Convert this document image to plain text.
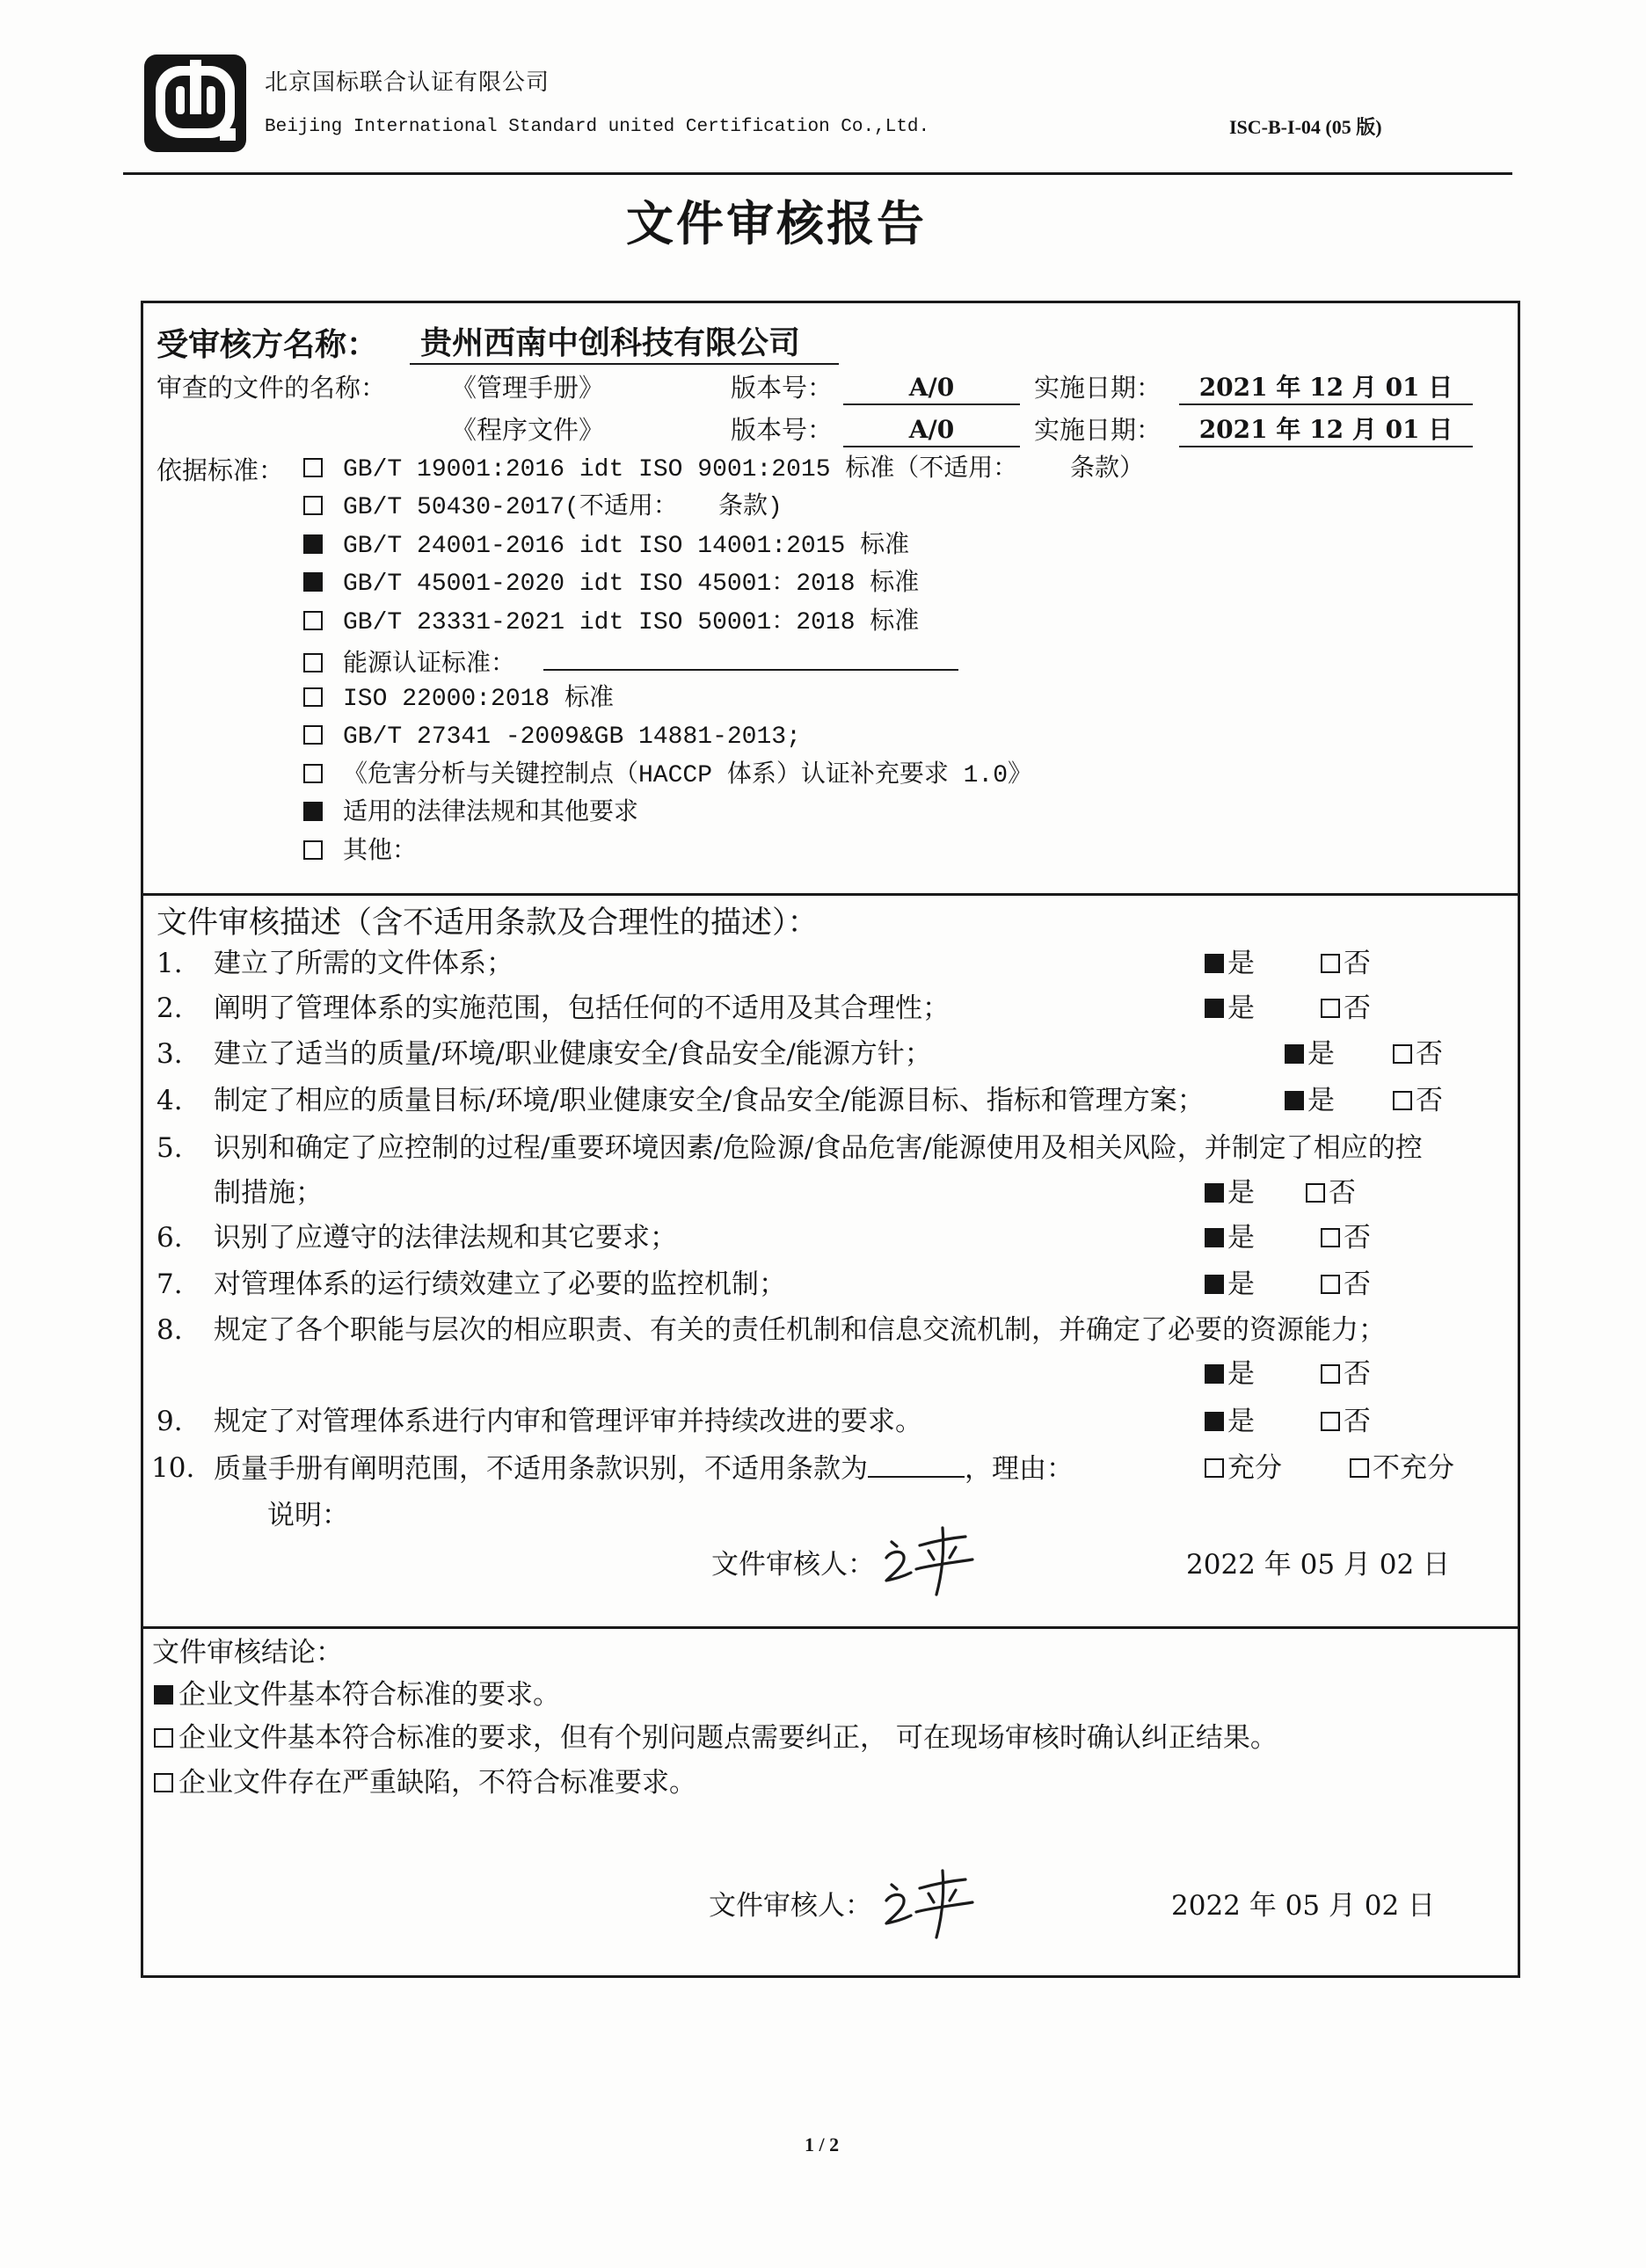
北京国标联合认证有限公司
Beijing International Standard united Certification Co.,Ltd.	ISC-B-I-04 (05 版)
文件审核报告
受审核方名称：	贵州西南中创科技有限公司
审查的文件的名称：	《管理手册》	版本号：	A/0	实施日期：	2021 年 12 月 01 日
《程序文件》	版本号：	A/0	实施日期：	2021 年 12 月 01 日
依据标准：	GB/T 19001:2016 idt ISO 9001:2015 标准（不适用： 条款）
GB/T 50430-2017(不适用： 条款)
GB/T 24001-2016 idt ISO 14001:2015 标准
GB/T 45001-2020 idt ISO 45001：2018 标准
GB/T 23331-2021 idt ISO 50001：2018 标准
能源认证标准：
ISO 22000:2018 标准
GB/T 27341 -2009&GB 14881-2013;
《危害分析与关键控制点（HACCP 体系）认证补充要求 1.0》
适用的法律法规和其他要求
其他：
文件审核描述（含不适用条款及合理性的描述）：
1. 建立了所需的文件体系；	是	否
2. 阐明了管理体系的实施范围，包括任何的不适用及其合理性；	是	否
3. 建立了适当的质量/环境/职业健康安全/食品安全/能源方针；	是	否
4. 制定了相应的质量目标/环境/职业健康安全/食品安全/能源目标、指标和管理方案；	是	否
5. 识别和确定了应控制的过程/重要环境因素/危险源/食品危害/能源使用及相关风险，并制定了相应的控
制措施；	是	否
6. 识别了应遵守的法律法规和其它要求；	是	否
7. 对管理体系的运行绩效建立了必要的监控机制；	是	否
8. 规定了各个职能与层次的相应职责、有关的责任机制和信息交流机制，并确定了必要的资源能力；
是	否
9. 规定了对管理体系进行内审和管理评审并持续改进的要求。	是	否
10. 质量手册有阐明范围，不适用条款识别，不适用条款为	，理由：	充分	不充分
说明：
文件审核人：	2022 年 05 月 02 日
文件审核结论：
企业文件基本符合标准的要求。
企业文件基本符合标准的要求，但有个别问题点需要纠正， 可在现场审核时确认纠正结果。
企业文件存在严重缺陷，不符合标准要求。
文件审核人：	2022 年 05 月 02 日
1 / 2
